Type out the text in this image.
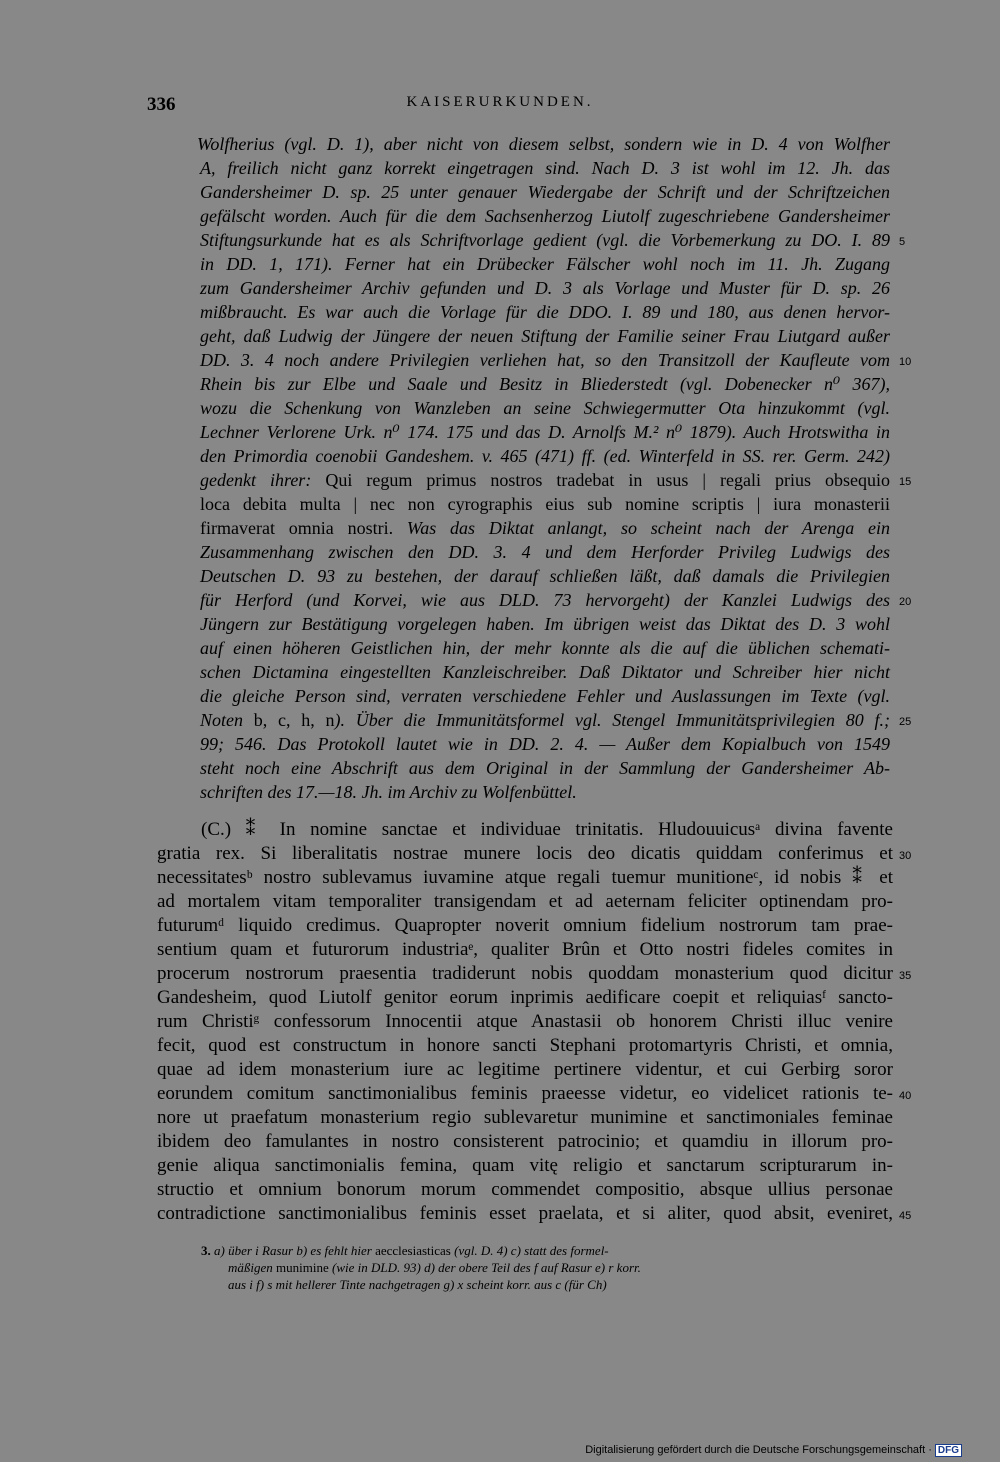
336	KAISERURKUNDEN.
Wolfherius (vgl. D. 1), aber nicht von diesem selbst, sondern wie in D. 4 von Wolfher
A, freilich nicht ganz korrekt eingetragen sind. Nach D. 3 ist wohl im 12. Jh. das
Gandersheimer D. sp. 25 unter genauer Wiedergabe der Schrift und der Schriftzeichen
gefälscht worden. Auch für die dem Sachsenherzog Liutolf zugeschriebene Gandersheimer
Stiftungsurkunde hat es als Schriftvorlage gedient (vgl. die Vorbemerkung zu DO. I. 89
in DD. 1, 171). Ferner hat ein Drübecker Fälscher wohl noch im 11. Jh. Zugang
zum Gandersheimer Archiv gefunden und D. 3 als Vorlage und Muster für D. sp. 26
mißbraucht. Es war auch die Vorlage für die DDO. I. 89 und 180, aus denen hervor-
geht, daß Ludwig der Jüngere der neuen Stiftung der Familie seiner Frau Liutgard außer
DD. 3. 4 noch andere Privilegien verliehen hat, so den Transitzoll der Kaufleute vom
Rhein bis zur Elbe und Saale und Besitz in Bliederstedt (vgl. Dobenecker n⁰ 367),
wozu die Schenkung von Wanzleben an seine Schwiegermutter Ota hinzukommt (vgl.
Lechner Verlorene Urk. n⁰ 174. 175 und das D. Arnolfs M.² n⁰ 1879). Auch Hrotswitha in
den Primordia coenobii Gandeshem. v. 465 (471) ff. (ed. Winterfeld in SS. rer. Germ. 242)
gedenkt ihrer: Qui regum primus nostros tradebat in usus | regali prius obsequio
loca debita multa | nec non cyrographis eius sub nomine scriptis | iura monasterii
firmaverat omnia nostri. Was das Diktat anlangt, so scheint nach der Arenga ein
Zusammenhang zwischen den DD. 3. 4 und dem Herforder Privileg Ludwigs des
Deutschen D. 93 zu bestehen, der darauf schließen läßt, daß damals die Privilegien
für Herford (und Korvei, wie aus DLD. 73 hervorgeht) der Kanzlei Ludwigs des
Jüngern zur Bestätigung vorgelegen haben. Im übrigen weist das Diktat des D. 3 wohl
auf einen höheren Geistlichen hin, der mehr konnte als die auf die üblichen schemati-
schen Dictamina eingestellten Kanzleischreiber. Daß Diktator und Schreiber hier nicht
die gleiche Person sind, verraten verschiedene Fehler und Auslassungen im Texte (vgl.
Noten b, c, h, n). Über die Immunitätsformel vgl. Stengel Immunitätsprivilegien 80 f.;
99; 546. Das Protokoll lautet wie in DD. 2. 4. — Außer dem Kopialbuch von 1549
steht noch eine Abschrift aus dem Original in der Sammlung der Gandersheimer Ab-
schriften des 17.—18. Jh. im Archiv zu Wolfenbüttel.
(C.) ⁑ In nomine sanctae et individuae trinitatis. Hludouuicusᵃ divina favente
gratia rex. Si liberalitatis nostrae munere locis deo dicatis quiddam conferimus et
necessitatesᵇ nostro sublevamus iuvamine atque regali tuemur munitioneᶜ, id nobis ⁑ et
ad mortalem vitam temporaliter transigendam et ad aeternam feliciter optinendam pro-
futurumᵈ liquido credimus. Quapropter noverit omnium fidelium nostrorum tam prae-
sentium quam et futurorum industriaᵉ, qualiter Brûn et Otto nostri fideles comites in
procerum nostrorum praesentia tradiderunt nobis quoddam monasterium quod dicitur
Gandesheim, quod Liutolf genitor eorum inprimis aedificare coepit et reliquiasᶠ sancto-
rum Christiᵍ confessorum Innocentii atque Anastasii ob honorem Christi illuc venire
fecit, quod est constructum in honore sancti Stephani protomartyris Christi, et omnia,
quae ad idem monasterium iure ac legitime pertinere videntur, et cui Gerbirg soror
eorundem comitum sanctimonialibus feminis praeesse videtur, eo videlicet rationis te-
nore ut praefatum monasterium regio sublevaretur munimine et sanctimoniales feminae
ibidem deo famulantes in nostro consisterent patrocinio; et quamdiu in illorum pro-
genie aliqua sanctimonialis femina, quam vitę religio et sanctarum scripturarum in-
structio et omnium bonorum morum commendet compositio, absque ullius personae
contradictione sanctimonialibus feminis esset praelata, et si aliter, quod absit, eveniret,
5
10
15
20
25
30
35
40
45
3. a) über i Rasur b) es fehlt hier aecclesiasticas (vgl. D. 4) c) statt des formel-
mäßigen munimine (wie in DLD. 93) d) der obere Teil des f auf Rasur e) r korr.
aus i f) s mit hellerer Tinte nachgetragen g) x scheint korr. aus c (für Ch)
Digitalisierung gefördert durch die Deutsche Forschungsgemeinschaft · DFG
